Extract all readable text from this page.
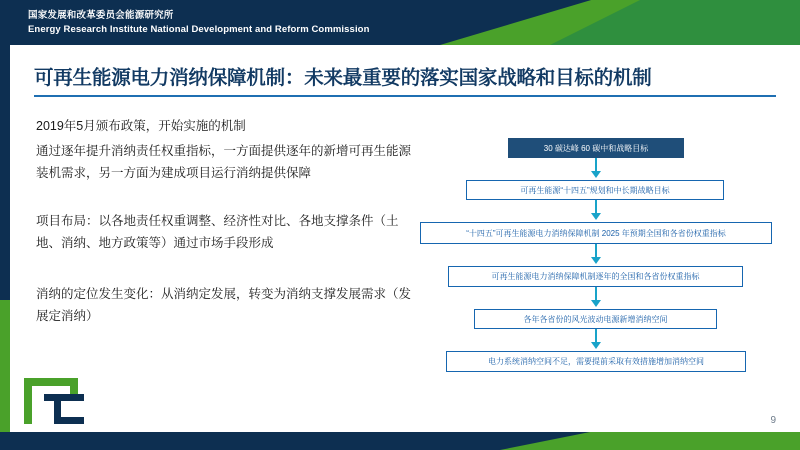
国家发展和改革委员会能源研究所
Energy Research Institute National Development and Reform Commission
可再生能源电力消纳保障机制：未来最重要的落实国家战略和目标的机制
2019年5月颁布政策，开始实施的机制
通过逐年提升消纳责任权重指标，一方面提供逐年的新增可再生能源装机需求，另一方面为建成项目运行消纳提供保障
项目布局：以各地责任权重调整、经济性对比、各地支撑条件（土地、消纳、地方政策等）通过市场手段形成
消纳的定位发生变化：从消纳定发展，转变为消纳支撑发展需求（发展定消纳）
30 碳达峰 60 碳中和战略目标
可再生能源“十四五”规划和中长期战略目标
“十四五”可再生能源电力消纳保障机制 2025 年预期全国和各省份权重指标
可再生能源电力消纳保障机制逐年的全国和各省份权重指标
各年各省份的风光波动电源新增消纳空间
电力系统消纳空间不足，需要提前采取有效措施增加消纳空间
9
